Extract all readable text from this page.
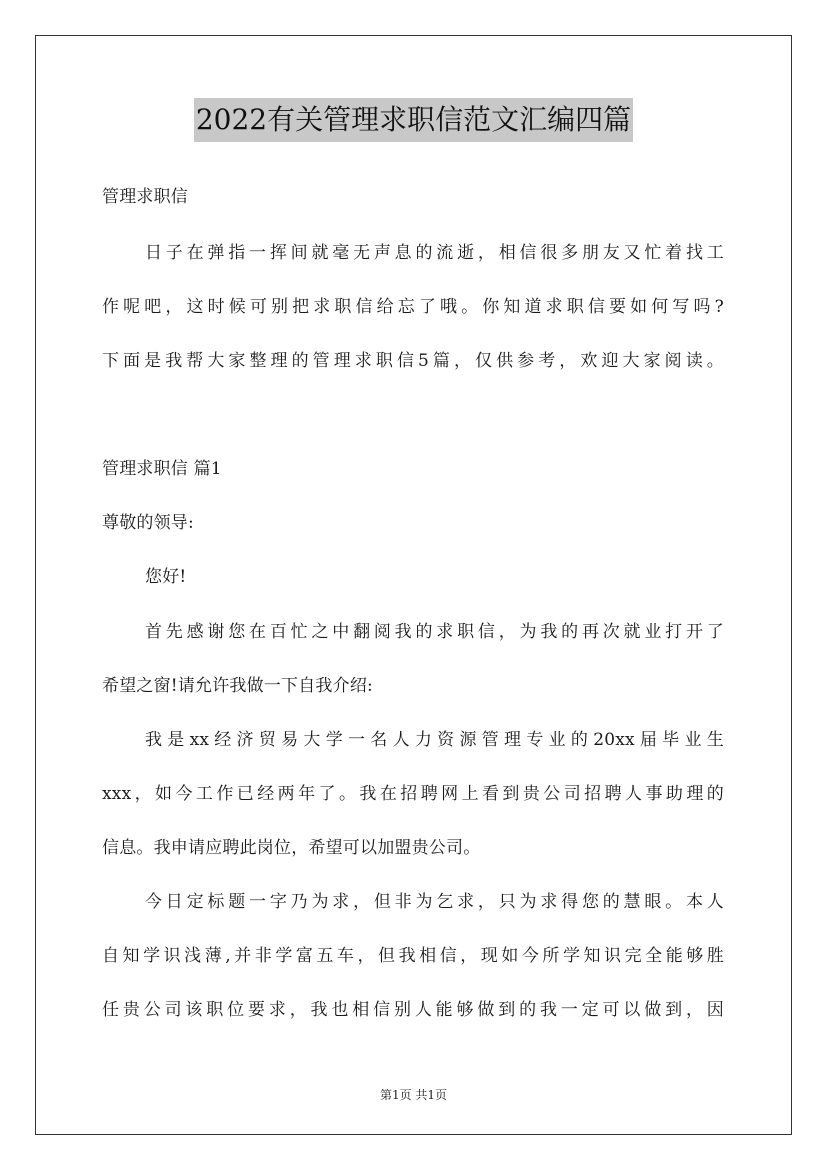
2022有关管理求职信范文汇编四篇
管理求职信
日子在弹指一挥间就毫无声息的流逝，相信很多朋友又忙着找工
作呢吧，这时候可别把求职信给忘了哦。你知道求职信要如何写吗?
下面是我帮大家整理的管理求职信5篇，仅供参考，欢迎大家阅读。
管理求职信 篇1
尊敬的领导:
您好!
首先感谢您在百忙之中翻阅我的求职信，为我的再次就业打开了
希望之窗!请允许我做一下自我介绍:
我是xx经济贸易大学一名人力资源管理专业的20xx届毕业生
xxx，如今工作已经两年了。我在招聘网上看到贵公司招聘人事助理的
信息。我申请应聘此岗位，希望可以加盟贵公司。
今日定标题一字乃为求，但非为乞求，只为求得您的慧眼。本人
自知学识浅薄,并非学富五车，但我相信，现如今所学知识完全能够胜
任贵公司该职位要求，我也相信别人能够做到的我一定可以做到，因
第1页 共1页
